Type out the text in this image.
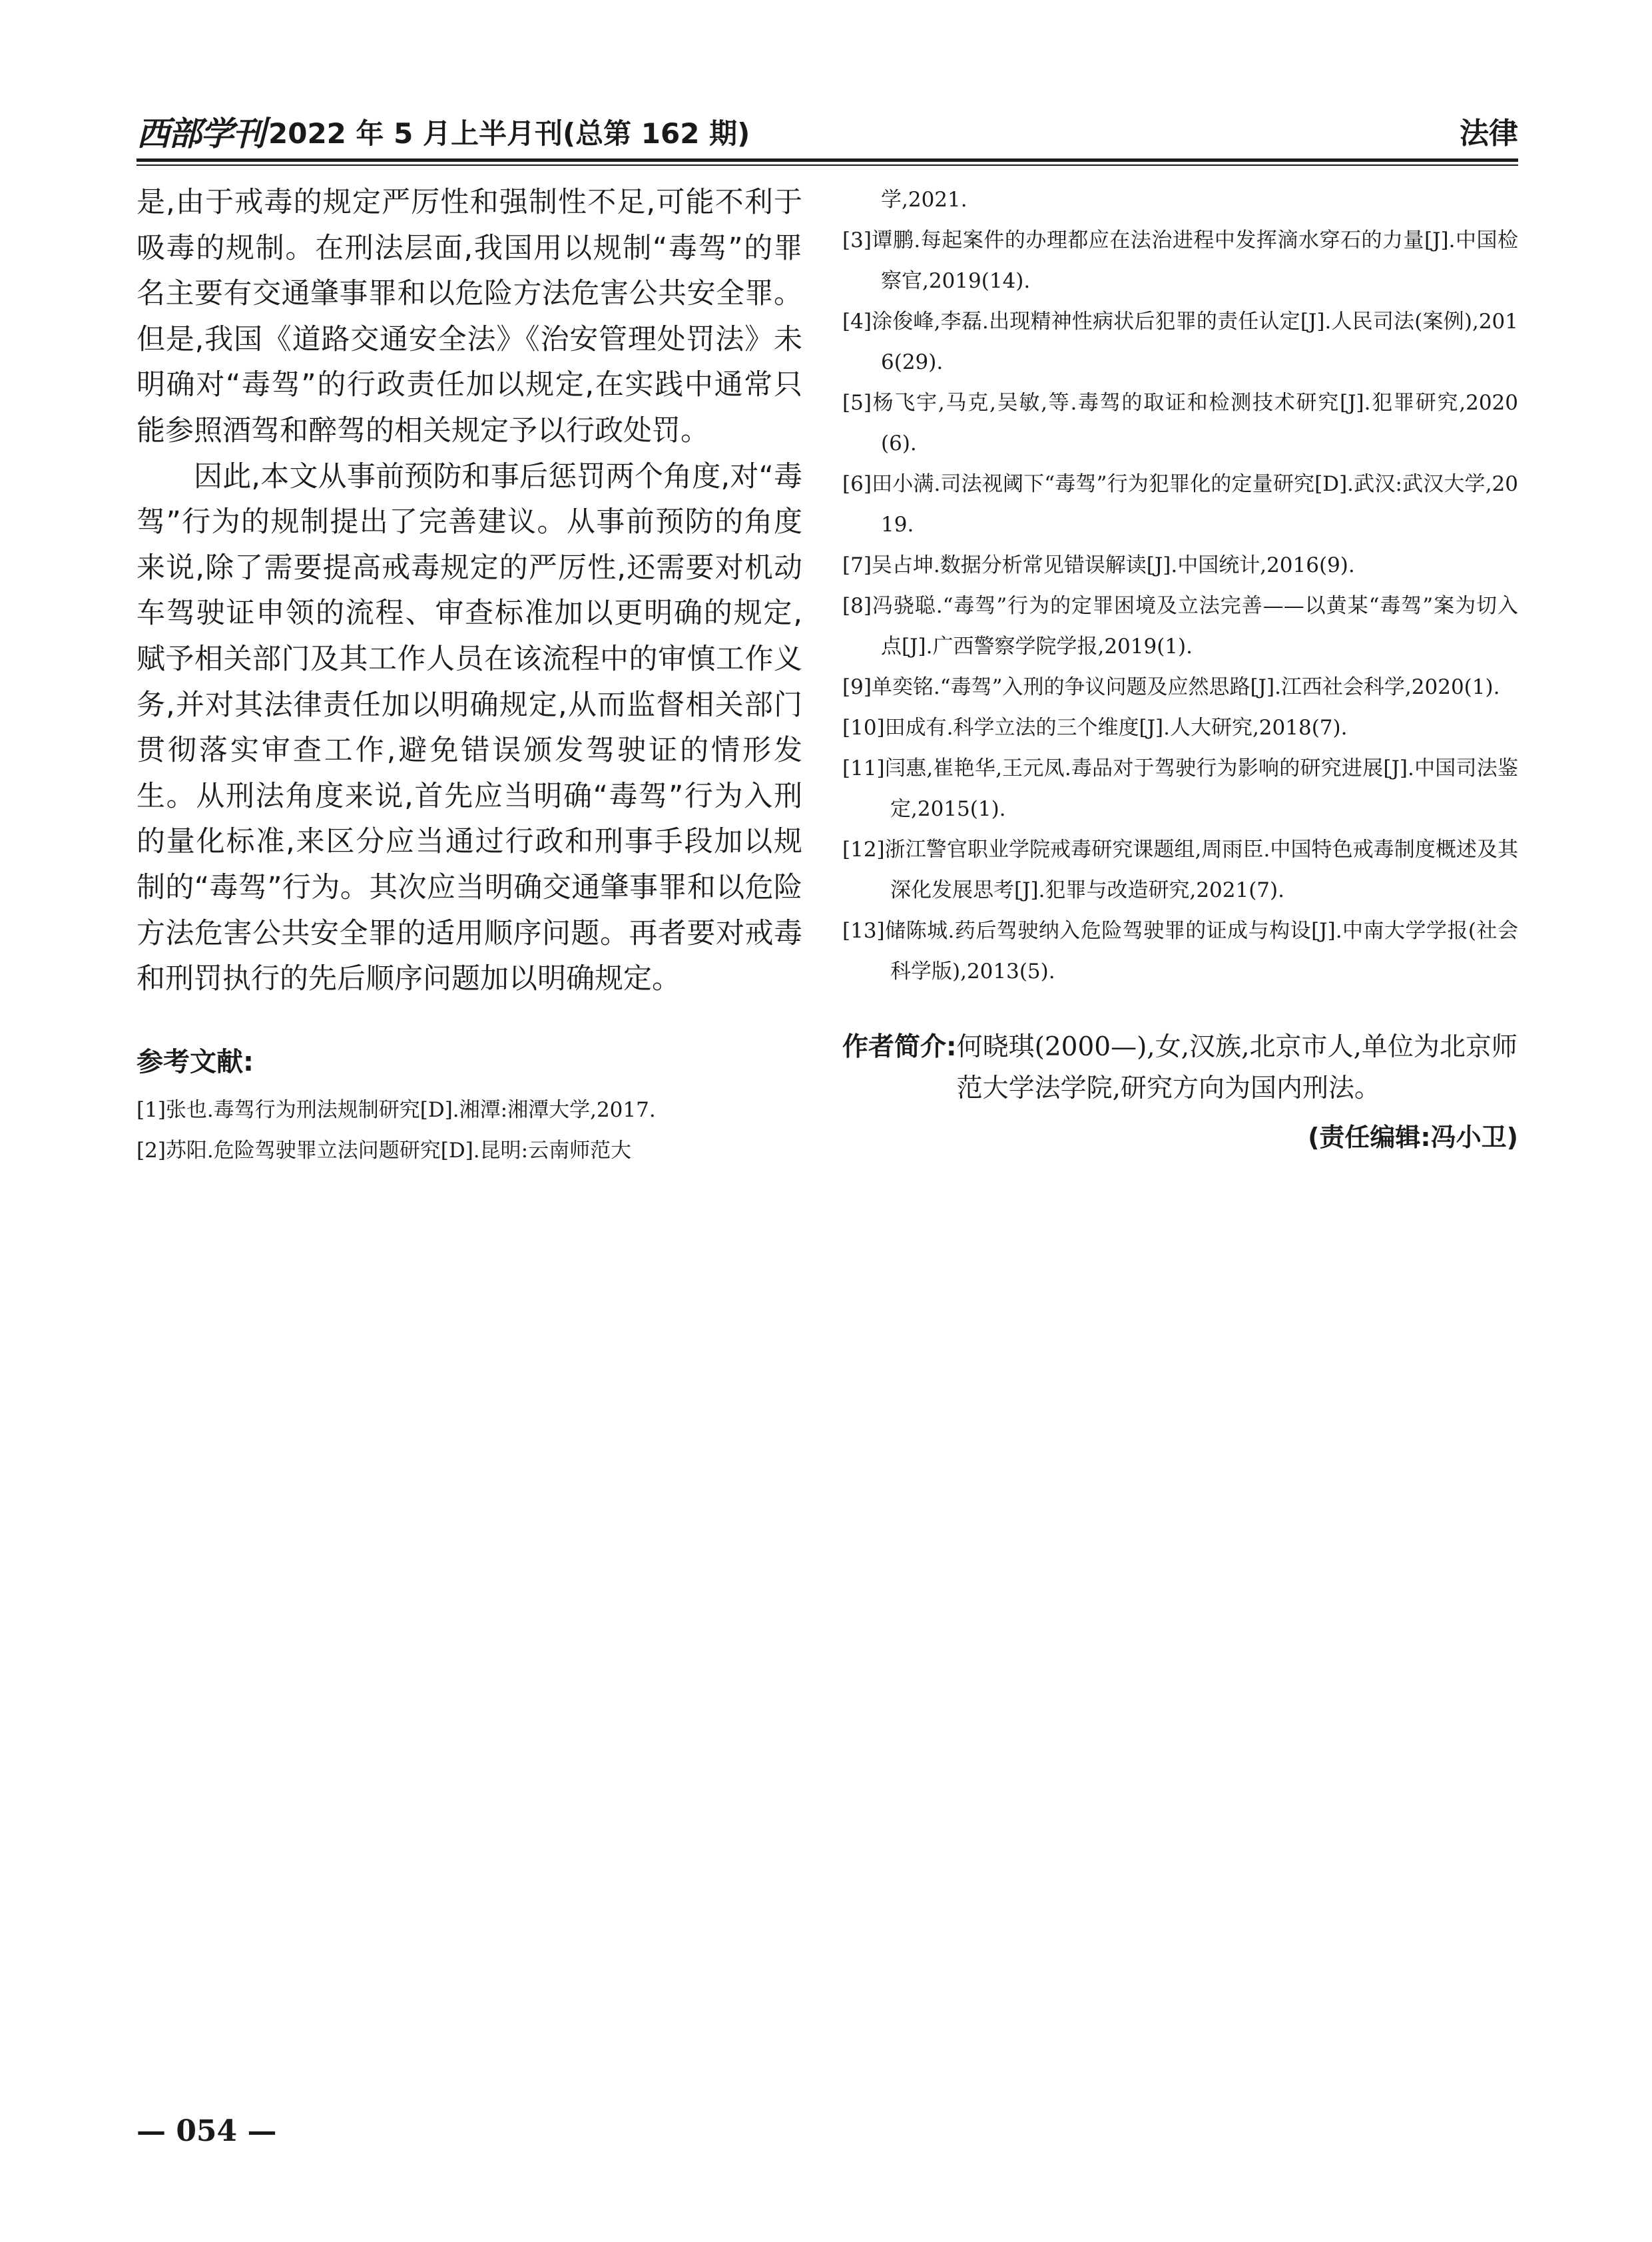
西部学刊 2022 年 5 月上半月刊(总第 162 期)	法律

是,由于戒毒的规定严厉性和强制性不足,可能不利于吸毒的规制。在刑法层面,我国用以规制“毒驾”的罪名主要有交通肇事罪和以危险方法危害公共安全罪。但是,我国《道路交通安全法》《治安管理处罚法》未明确对“毒驾”的行政责任加以规定,在实践中通常只能参照酒驾和醉驾的相关规定予以行政处罚。

因此,本文从事前预防和事后惩罚两个角度,对“毒驾”行为的规制提出了完善建议。从事前预防的角度来说,除了需要提高戒毒规定的严厉性,还需要对机动车驾驶证申领的流程、审查标准加以更明确的规定,赋予相关部门及其工作人员在该流程中的审慎工作义务,并对其法律责任加以明确规定,从而监督相关部门贯彻落实审查工作,避免错误颁发驾驶证的情形发生。从刑法角度来说,首先应当明确“毒驾”行为入刑的量化标准,来区分应当通过行政和刑事手段加以规制的“毒驾”行为。其次应当明确交通肇事罪和以危险方法危害公共安全罪的适用顺序问题。再者要对戒毒和刑罚执行的先后顺序问题加以明确规定。

参考文献:
[1]张也.毒驾行为刑法规制研究[D].湘潭:湘潭大学,2017.
[2]苏阳.危险驾驶罪立法问题研究[D].昆明:云南师范大
学,2021.
[3]谭鹏.每起案件的办理都应在法治进程中发挥滴水穿石的力量[J].中国检察官,2019(14).
[4]涂俊峰,李磊.出现精神性病状后犯罪的责任认定[J].人民司法(案例),2016(29).
[5]杨飞宇,马克,吴敏,等.毒驾的取证和检测技术研究[J].犯罪研究,2020(6).
[6]田小满.司法视阈下“毒驾”行为犯罪化的定量研究[D].武汉:武汉大学,2019.
[7]吴占坤.数据分析常见错误解读[J].中国统计,2016(9).
[8]冯骁聪.“毒驾”行为的定罪困境及立法完善——以黄某“毒驾”案为切入点[J].广西警察学院学报,2019(1).
[9]单奕铭.“毒驾”入刑的争议问题及应然思路[J].江西社会科学,2020(1).
[10]田成有.科学立法的三个维度[J].人大研究,2018(7).
[11]闫惠,崔艳华,王元凤.毒品对于驾驶行为影响的研究进展[J].中国司法鉴定,2015(1).
[12]浙江警官职业学院戒毒研究课题组,周雨臣.中国特色戒毒制度概述及其深化发展思考[J].犯罪与改造研究,2021(7).
[13]储陈城.药后驾驶纳入危险驾驶罪的证成与构设[J].中南大学学报(社会科学版),2013(5).
作者简介: 何晓琪(2000—),女,汉族,北京市人,单位为北京师范大学法学院,研究方向为国内刑法。
(责任编辑:冯小卫)
— 054 —
